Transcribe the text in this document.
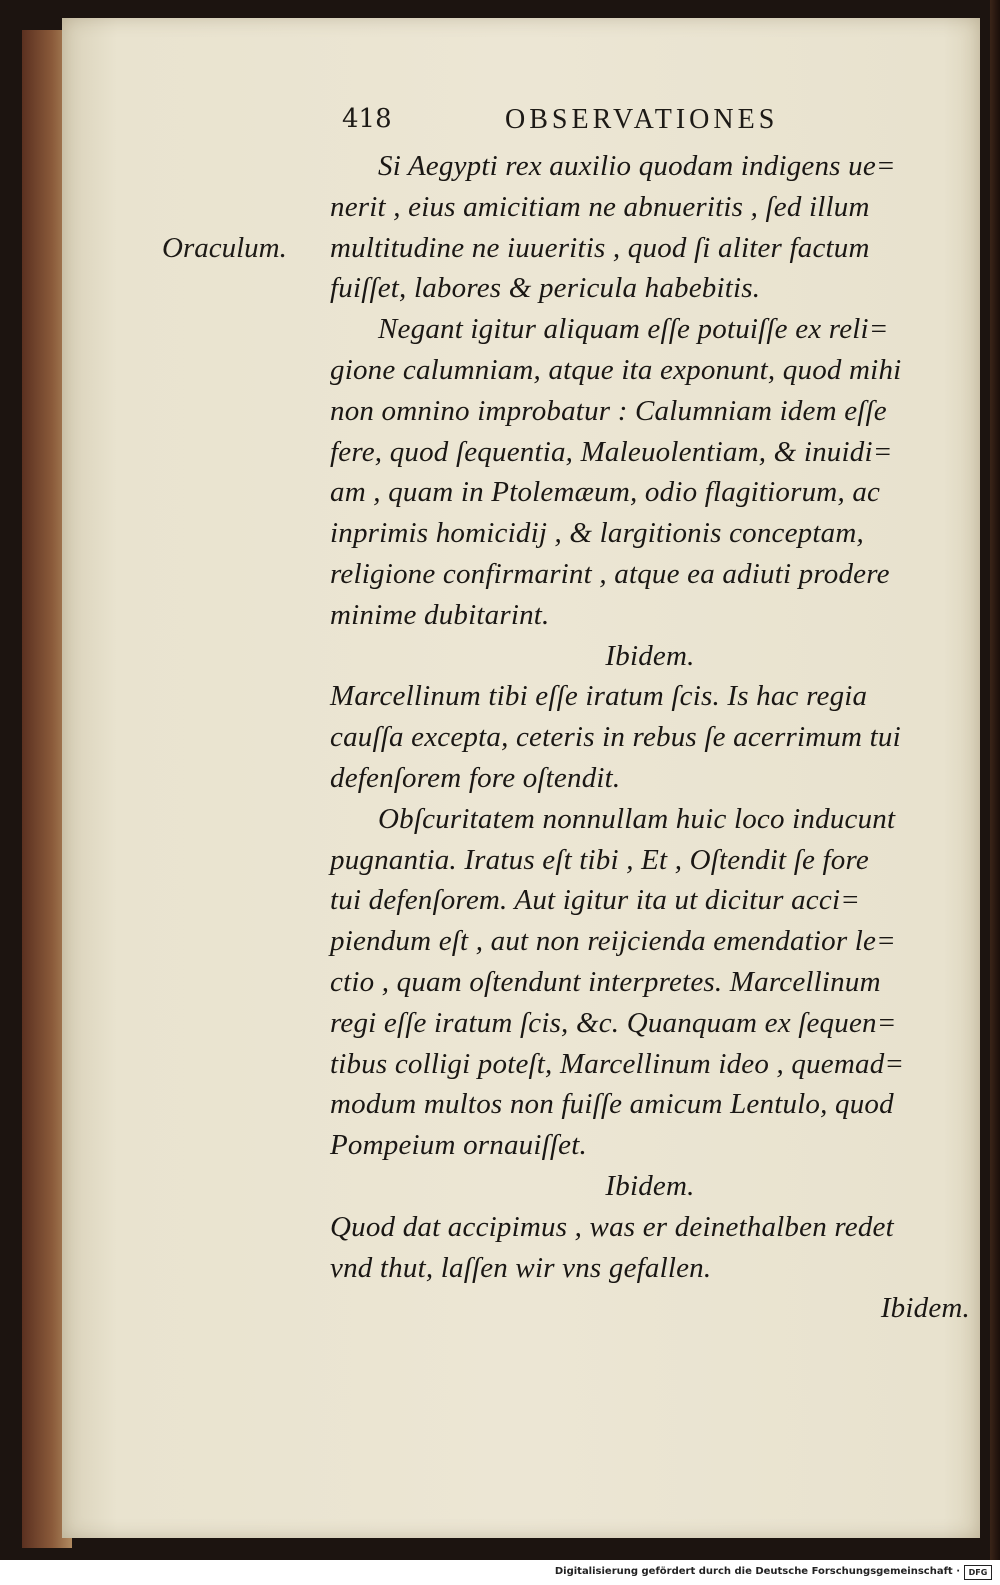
418	OBSERVATIONES
Oraculum.
Si Aegypti rex auxilio quodam indigens ue=
nerit , eius amicitiam ne abnueritis , ſed illum
multitudine ne iuueritis , quod ſi aliter factum
fuiſſet, labores & pericula habebitis.
Negant igitur aliquam eſſe potuiſſe ex reli=
gione calumniam, atque ita exponunt, quod mihi
non omnino improbatur : Calumniam idem eſſe
fere, quod ſequentia, Maleuolentiam, & inuidi=
am , quam in Ptolemæum, odio flagitiorum, ac
inprimis homicidij , & largitionis conceptam,
religione confirmarint , atque ea adiuti prodere
minime dubitarint.
Ibidem.
Marcellinum tibi eſſe iratum ſcis. Is hac regia
cauſſa excepta, ceteris in rebus ſe acerrimum tui
defenſorem fore oſtendit.
Obſcuritatem nonnullam huic loco inducunt
pugnantia. Iratus eſt tibi , Et , Oſtendit ſe fore
tui defenſorem. Aut igitur ita ut dicitur acci=
piendum eſt , aut non reijcienda emendatior le=
ctio , quam oſtendunt interpretes. Marcellinum
regi eſſe iratum ſcis, &c. Quanquam ex ſequen=
tibus colligi poteſt, Marcellinum ideo , quemad=
modum multos non fuiſſe amicum Lentulo, quod
Pompeium ornauiſſet.
Ibidem.
Quod dat accipimus , was er deinethalben redet
vnd thut, laſſen wir vns gefallen.
Ibidem.
Digitalisierung gefördert durch die Deutsche Forschungsgemeinschaft ·	DFG
